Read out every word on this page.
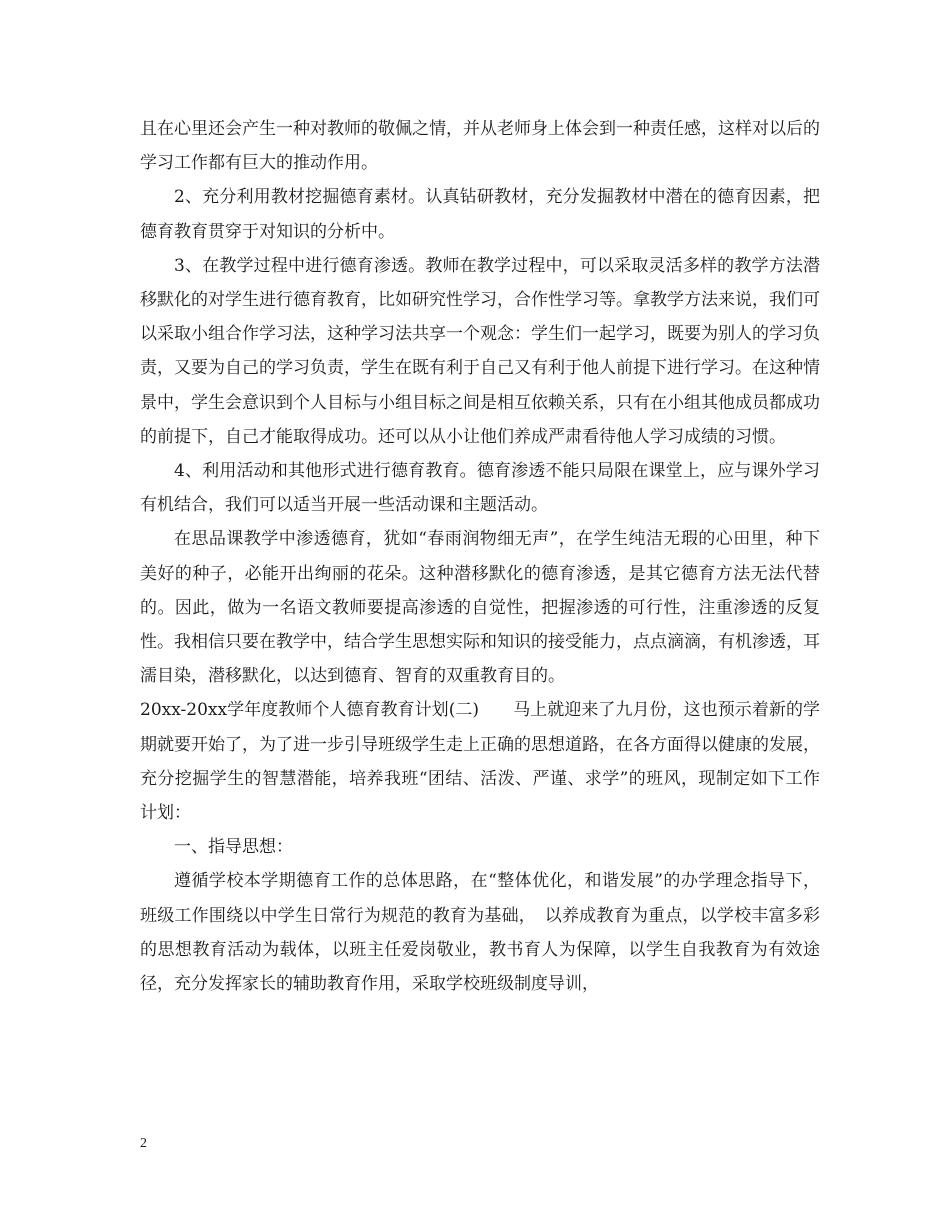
且在心里还会产生一种对教师的敬佩之情，并从老师身上体会到一种责任感，这样对以后的学习工作都有巨大的推动作用。

2、充分利用教材挖掘德育素材。认真钻研教材，充分发掘教材中潜在的德育因素，把德育教育贯穿于对知识的分析中。

3、在教学过程中进行德育渗透。教师在教学过程中，可以采取灵活多样的教学方法潜移默化的对学生进行德育教育，比如研究性学习，合作性学习等。拿教学方法来说，我们可以采取小组合作学习法，这种学习法共享一个观念：学生们一起学习，既要为别人的学习负责，又要为自己的学习负责，学生在既有利于自己又有利于他人前提下进行学习。在这种情景中，学生会意识到个人目标与小组目标之间是相互依赖关系，只有在小组其他成员都成功的前提下，自己才能取得成功。还可以从小让他们养成严肃看待他人学习成绩的习惯。

4、利用活动和其他形式进行德育教育。德育渗透不能只局限在课堂上，应与课外学习有机结合，我们可以适当开展一些活动课和主题活动。

在思品课教学中渗透德育，犹如“春雨润物细无声”，在学生纯洁无瑕的心田里，种下美好的种子，必能开出绚丽的花朵。这种潜移默化的德育渗透，是其它德育方法无法代替的。因此，做为一名语文教师要提高渗透的自觉性，把握渗透的可行性，注重渗透的反复性。我相信只要在教学中，结合学生思想实际和知识的接受能力，点点滴滴，有机渗透，耳濡目染，潜移默化，以达到德育、智育的双重教育目的。

20xx-20xx学年度教师个人德育教育计划(二)　　马上就迎来了九月份，这也预示着新的学期就要开始了，为了进一步引导班级学生走上正确的思想道路，在各方面得以健康的发展，充分挖掘学生的智慧潜能，培养我班“团结、活泼、严谨、求学”的班风，现制定如下工作计划：

一、指导思想：

遵循学校本学期德育工作的总体思路，在“整体优化，和谐发展”的办学理念指导下，班级工作围绕以中学生日常行为规范的教育为基础，　以养成教育为重点，以学校丰富多彩的思想教育活动为载体，以班主任爱岗敬业，教书育人为保障，以学生自我教育为有效途径，充分发挥家长的辅助教育作用，采取学校班级制度导训，

2
